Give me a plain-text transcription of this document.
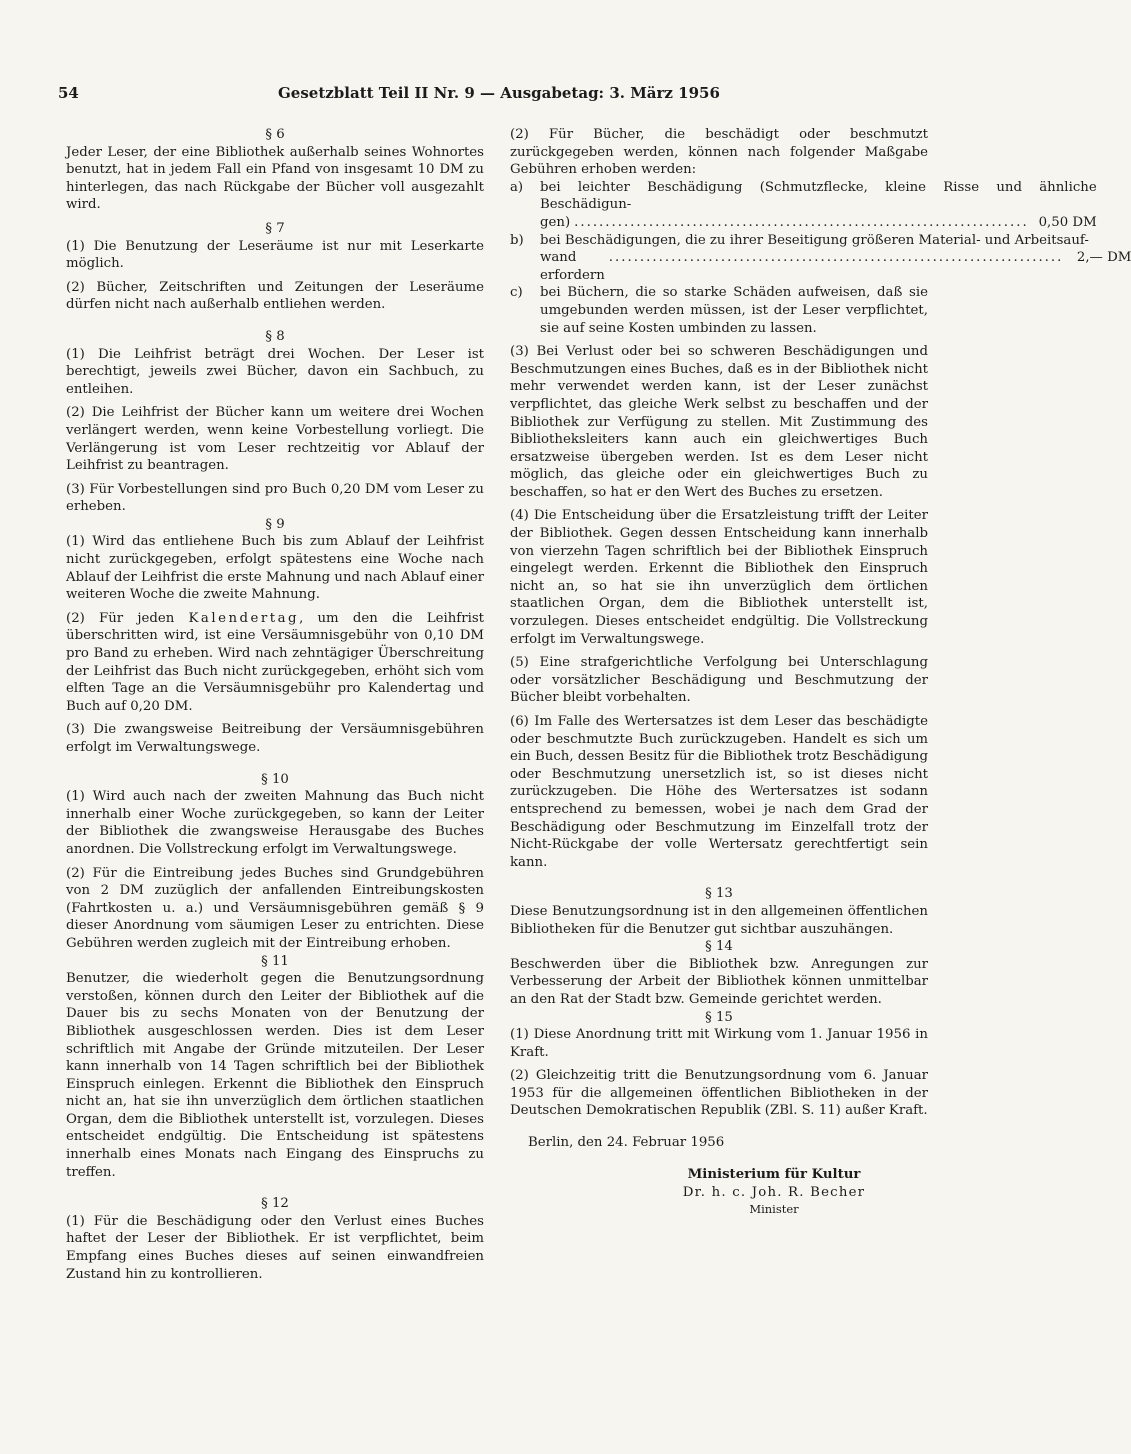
54	Gesetzblatt Teil II Nr. 9 — Ausgabetag: 3. März 1956

§ 6

Jeder Leser, der eine Bibliothek außerhalb seines Wohnortes benutzt, hat in jedem Fall ein Pfand von insgesamt 10 DM zu hinterlegen, das nach Rückgabe der Bücher voll ausgezahlt wird.

§ 7

(1) Die Benutzung der Leseräume ist nur mit Leserkarte möglich.

(2) Bücher, Zeitschriften und Zeitungen der Leseräume dürfen nicht nach außerhalb entliehen werden.

§ 8

(1) Die Leihfrist beträgt drei Wochen. Der Leser ist berechtigt, jeweils zwei Bücher, davon ein Sachbuch, zu entleihen.

(2) Die Leihfrist der Bücher kann um weitere drei Wochen verlängert werden, wenn keine Vorbestellung vorliegt. Die Verlängerung ist vom Leser rechtzeitig vor Ablauf der Leihfrist zu beantragen.

(3) Für Vorbestellungen sind pro Buch 0,20 DM vom Leser zu erheben.

§ 9

(1) Wird das entliehene Buch bis zum Ablauf der Leihfrist nicht zurückgegeben, erfolgt spätestens eine Woche nach Ablauf der Leihfrist die erste Mahnung und nach Ablauf einer weiteren Woche die zweite Mahnung.

(2) Für jeden Kalendertag, um den die Leihfrist überschritten wird, ist eine Versäumnisgebühr von 0,10 DM pro Band zu erheben. Wird nach zehntägiger Überschreitung der Leihfrist das Buch nicht zurückgegeben, erhöht sich vom elften Tage an die Versäumnisgebühr pro Kalendertag und Buch auf 0,20 DM.

(3) Die zwangsweise Beitreibung der Versäumnisgebühren erfolgt im Verwaltungswege.

§ 10

(1) Wird auch nach der zweiten Mahnung das Buch nicht innerhalb einer Woche zurückgegeben, so kann der Leiter der Bibliothek die zwangsweise Herausgabe des Buches anordnen. Die Vollstreckung erfolgt im Verwaltungswege.

(2) Für die Eintreibung jedes Buches sind Grundgebühren von 2 DM zuzüglich der anfallenden Eintreibungskosten (Fahrtkosten u. a.) und Versäumnisgebühren gemäß § 9 dieser Anordnung vom säumigen Leser zu entrichten. Diese Gebühren werden zugleich mit der Eintreibung erhoben.

§ 11

Benutzer, die wiederholt gegen die Benutzungsordnung verstoßen, können durch den Leiter der Bibliothek auf die Dauer bis zu sechs Monaten von der Benutzung der Bibliothek ausgeschlossen werden. Dies ist dem Leser schriftlich mit Angabe der Gründe mitzuteilen. Der Leser kann innerhalb von 14 Tagen schriftlich bei der Bibliothek Einspruch einlegen. Erkennt die Bibliothek den Einspruch nicht an, hat sie ihn unverzüglich dem örtlichen staatlichen Organ, dem die Bibliothek unterstellt ist, vorzulegen. Dieses entscheidet endgültig. Die Entscheidung ist spätestens innerhalb eines Monats nach Eingang des Einspruchs zu treffen.

§ 12

(1) Für die Beschädigung oder den Verlust eines Buches haftet der Leser der Bibliothek. Er ist verpflichtet, beim Empfang eines Buches dieses auf seinen einwandfreien Zustand hin zu kontrollieren.

(2) Für Bücher, die beschädigt oder beschmutzt zurückgegeben werden, können nach folgender Maßgabe Gebühren erhoben werden:

a)	bei leichter Beschädigung (Schmutzflecke, kleine Risse und ähnliche Beschädigun-
gen) ......................................................................... 0,50 DM
b)	bei Beschädigungen, die zu ihrer Beseitigung größeren Material- und Arbeitsauf-
wand erfordern
.........................................................................	2,— DM
c)	bei Büchern, die so starke Schäden aufweisen, daß sie umgebunden werden müssen, ist der Leser verpflichtet, sie auf seine Kosten umbinden zu lassen.

(3) Bei Verlust oder bei so schweren Beschädigungen und Beschmutzungen eines Buches, daß es in der Bibliothek nicht mehr verwendet werden kann, ist der Leser zunächst verpflichtet, das gleiche Werk selbst zu beschaffen und der Bibliothek zur Verfügung zu stellen. Mit Zustimmung des Bibliotheksleiters kann auch ein gleichwertiges Buch ersatzweise übergeben werden. Ist es dem Leser nicht möglich, das gleiche oder ein gleichwertiges Buch zu beschaffen, so hat er den Wert des Buches zu ersetzen.

(4) Die Entscheidung über die Ersatzleistung trifft der Leiter der Bibliothek. Gegen dessen Entscheidung kann innerhalb von vierzehn Tagen schriftlich bei der Bibliothek Einspruch eingelegt werden. Erkennt die Bibliothek den Einspruch nicht an, so hat sie ihn unverzüglich dem örtlichen staatlichen Organ, dem die Bibliothek unterstellt ist, vorzulegen. Dieses entscheidet endgültig. Die Vollstreckung erfolgt im Verwaltungswege.

(5) Eine strafgerichtliche Verfolgung bei Unterschlagung oder vorsätzlicher Beschädigung und Beschmutzung der Bücher bleibt vorbehalten.

(6) Im Falle des Wertersatzes ist dem Leser das beschädigte oder beschmutzte Buch zurückzugeben. Handelt es sich um ein Buch, dessen Besitz für die Bibliothek trotz Beschädigung oder Beschmutzung unersetzlich ist, so ist dieses nicht zurückzugeben. Die Höhe des Wertersatzes ist sodann entsprechend zu bemessen, wobei je nach dem Grad der Beschädigung oder Beschmutzung im Einzelfall trotz der Nicht-Rückgabe der volle Wertersatz gerechtfertigt sein kann.

§ 13

Diese Benutzungsordnung ist in den allgemeinen öffentlichen Bibliotheken für die Benutzer gut sichtbar auszuhängen.

§ 14

Beschwerden über die Bibliothek bzw. Anregungen zur Verbesserung der Arbeit der Bibliothek können unmittelbar an den Rat der Stadt bzw. Gemeinde gerichtet werden.

§ 15

(1) Diese Anordnung tritt mit Wirkung vom 1. Januar 1956 in Kraft.

(2) Gleichzeitig tritt die Benutzungsordnung vom 6. Januar 1953 für die allgemeinen öffentlichen Bibliotheken in der Deutschen Demokratischen Republik (ZBl. S. 11) außer Kraft.

Berlin, den 24. Februar 1956

Ministerium für Kultur
Dr. h. c. Joh. R. Becher
Minister
